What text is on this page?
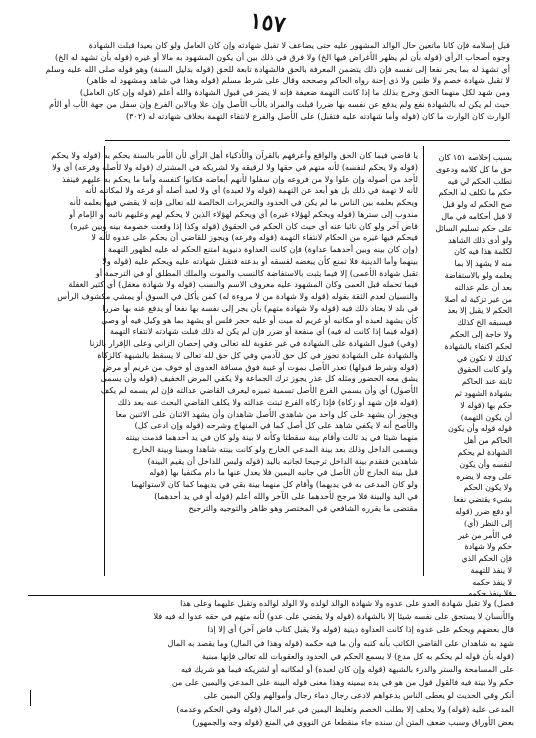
١٥٧
قبل إسلامه فإن كانا ماتعين حال الوالد المشهور عليه حتى يضاعف لا تقبل شهادته وإن كان العامل ولو كان بعيدا قبلت الشهادة
وجوه أصحاب الرأي (قوله بأن لم يظهر الأغراض فيها الخ) ولا فرق في ذلك بين أن يكون المشهود به مالا أو غيره (قوله بأن تشهد له الخ)
أي تشهد له بما يجر نفعا إلى نفسه فإن ذلك يتضمن المعرفة بالحق فالشهادة تابعة للحق (قوله بدليل السنة) وهو قوله صلى الله عليه وسلم
لا تقبل شهادة خصم ولا ظنين ولا ذي إحنة رواه الحاكم وصححه وقال على شرط مسلم (قوله وهذا في شاهد ومشهود له ظاهر)
ومن شهد لكل منهما الحق وخرج بذلك ما إذا كانت التهمة ضعيفة فإنه لا يضر في قبول الشهادة والله أعلم (قوله وإن كان العامل)
حيث لم يكن له بالشهادة نفع ولم يدفع عن نفسه بها ضررا قبلت والمراد بالأب الأصل وإن علا وبالابن الفرع وإن سفل من جهة الأب أو الأم
الوارث كان الوارث ما كان (قوله وأما شهادته عليه فتقبل) على الأصل والفرع لانتفاء التهمة بخلاف شهادته له (٣٠٢)
يا قاضي فيما كان الحق والواقع وأعرفهم بالقرآن والأذكياء أهل الرأي لأن الأمر بالسنة يحكم به (قوله ولا يحكم
(قوله ولا يحكم لنفسه) لأنه متهم في حقها ولا لرقيقه ولا لشريكه في المشترك (قوله ولا لأصله وفرعه) أي ولا
لأحد من أصوله وإن علوا ولا من فروعه وإن سفلوا لأنهم أبعاضه فكانوا كنفسه وأما ما يحكم به عليهم فينفذ
لأنه لا تهمة في ذلك بل هو أبعد عن التهمة (قوله ولا لعبده) أي ولا لعبد أصله أو فرعه ولا لمكاتبه لأنه
ويحكم بعلمه بين الناس ما لم يكن في الحدود والتعزيرات الخالصة لله تعالى فإنه لا يقضي فيها بعلمه لأنه
مندوب إلى سترها (قوله ويحكم لهؤلاء غيره) أي ويحكم لهؤلاء الذين لا يحكم لهم وعليهم نائبه أو الإمام أو
قاض آخر ولو كان نائبا عنه أي حيث كان الحكم في الحقوق (قوله وكذا إذا وقعت خصومة بينه وبين غيره)
فيحكم فيها غيره من الحكام لانتفاء التهمة (قوله وفرعه) ويجوز للقاضي أن يحكم على عدوه لأنه لا
(وإن كان بينه وبين أحدهما عداوة) فإن كانت العداوة دنيوية امتنع الحكم له عليه لظهور التهمة
بينهما وأما الدينية فلا تمنع كأن يبغضه لفسقه أو بدعته فتقبل شهادته عليه ويحكم عليه (قوله ولا
تقبل شهادة الأعمى) إلا فيما يثبت بالاستفاضة كالنسب والموت والملك المطلق أو في الترجمة أو
فيما تحمله قبل العمى وكان المشهود عليه معروف الاسم والنسب (قوله ولا شهادة مغفل) أي كثير الغفلة
والنسيان لعدم الثقة بقوله (قوله ولا شهادة من لا مروءة له) كمن يأكل في السوق أو يمشي مكشوف الرأس
في بلد لا يعتاد ذلك فيه (قوله ولا شهادة متهم) بأن يجر إلى نفسه بها نفعا أو يدفع عنه بها ضررا
كأن يشهد لعبده أو مكاتبه أو غريم له ميت أو عليه حجر فلس أو يشهد بما هو وكيل فيه أو وصي
(قوله فيما إذا كانت له فيه) أي منفعة أو ضرر فإن لم يكن له ذلك قبلت شهادته لانتفاء التهمة
(وفي) قبول الشهادة على الشهادة في غير عقوبة لله تعالى وفي إحصان الزاني وعلى الإقرار بالزنا
والشهادة على الشهادة تجوز في كل حق لآدمي وفي كل حق لله تعالى لا يسقط بالشبهة كالزكاة
(قوله وشرط قبولها) تعذر الأصل بموت أو غيبة فوق مسافة العدوى أو خوف من غريم أو مرض
يشق معه الحضور ومثله كل عذر يجوز ترك الجماعة ولا يكفي المرض الخفيف (قوله وأن يسمى
الأصول) أي وأن يسمي الفرع الأصل تسمية تميزه ليعرف القاضي عدالته فإن لم يسمه لم يكف
(قوله فإن شهد أو زكاه) فإذا زكاه الفرع ثبتت عدالته ولا يكلف القاضي البحث عنه بعد ذلك
ويجوز أن يشهد على كل واحد من شاهدي الأصل شاهدان وأن يشهد الاثنان على الاثنين معا
والأصح أنه لا يكفي شاهد على كل أصل كما في المنهاج وشرحه (قوله وإن ادعى كل)
منهما شيئا في يد ثالث وأقام بينة سقطتا وكأنه لا بينة ولو كان في يد أحدهما قدمت بينته
ويسمى الداخل وذلك بعد بينة المدعي الخارج ولو كانت بينته شاهدا ويمينا وبينة الخارج
شاهدين فتقدم بينة الداخل ترجيحا لجانبه باليد (قوله وليس للداخل أن يقيم البينة)
قبل بينة الخارج لأن الأصل في جانبه اليمين فلا يعدل عنها ما دام مكتفيا بها (قوله
ولو كان المدعى به في يديهما) وأقام كل منهما بينة بقي في يديهما كما كان لاستوائهما
في اليد والبينة فلا مرجح لأحدهما على الآخر والله أعلم (قوله أو في يد أحدهما)
مقتضى ما يقرره الشافعي في المختصر وهو ظاهر والتوجيه والترجيح
بسبب إخلاصه ١٥١ كان
حق ما كل كلامه ودعوى
تطلب الحكم لي فيه
حكم ما تكلف له الحكم
صح الحكم له ولو قبل
لا قبل أحكامه في مال
على حكم تسليم السائل
ولو أدى ذلك الشاهد
لكلمة هذا فيه كان
منه لا يشهد إلا بما
يعلمه ولو بالاستفاضة
بعد أن علم عدالته
من غير تزكية له أصلا
الحكم لا يقبل إلا بعد
فيسبقه الخ كذلك
ولا حاجة إلى الحكم
لحكم اكتفاء بالشهادة
كذلك لا تكون في
ولو كانت الحقوق
ثابتة عند الحاكم
بشهادة الشهود ثم
حكم بها (قوله لا
أن يكون التهمة)
قوله قوله وأن يكون
الحاكم من أهل
الشهادة لم يحكم
لنفسه وأن يكون
على وجه لا يضره
ولا يكون الحكم
بشيء يقتضي نفعا
أو دفع ضرر (قوله
إلى النظر (أي)
في الأمر من غير
حكم ولا شهادة
فإن الحكم الذي
لا ينفذ للتهمة
لا ينفذ حكمه
فلا ينفذ حكمه
فصل) ولا تقبل شهادة العدو على عدوه ولا شهادة الوالد لولده ولا الولد لوالده وتقبل عليهما وعلى هذا
والأنسان لا يستحق على نفسه شيئا إلا بالشهادة (قوله ولا يقضي على عدو) لأنه متهم في حقه عدوا له فيه فلا
قال بعضهم ويحكم على عدوه إذا كانت العداوة دينية (قوله ولا يقبل كتاب قاض آخر) أي إلا إذا
شهد به شاهدان على القاضي الكاتب بأنه كتبه وأن ما فيه حكمه (قوله وهذا في المال) وما يقصد به المال
(قوله بأن قوله لم يحكم به كل مدع) لا يسمع الحكم في الحدود والعقوبات لله تعالى فإنها مبنية
على المسامحة والستر والدرء بالشبهة (قوله وإن كان لعبده) أو لمكاتبه أو لشريكه فيما هو شريك فيه
حكم ولا بينة فيه فالقول قول من هو في يده بيمينه وهذا معنى قوله البينة على المدعي واليمين على من
أنكر وفي الحديث لو يعطى الناس بدعواهم لادعى رجال دماء رجال وأموالهم ولكن اليمين على
المدعى عليه (قوله) ولا يحلف إلا بطلب الخصم وتغليظ اليمين في غير المال (قوله وفي الحكم وعدمه)
بعض الأوراق وسبب ضعف المتن أن سنده جاء منقطعا عن النووي في المنع (قوله وجه والجمهور)
